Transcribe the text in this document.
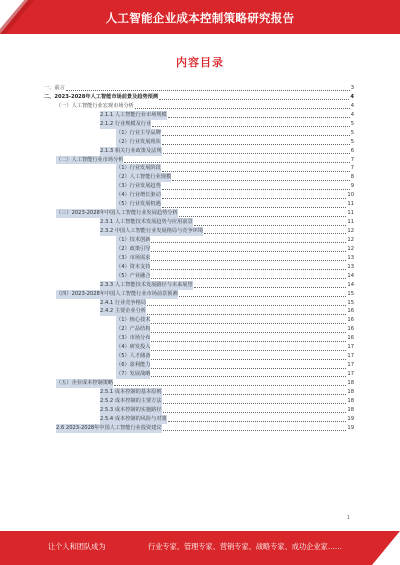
人工智能企业成本控制策略研究报告
内容目录
一、前言	3
二、2023-2028年人工智能市场前景及趋势预测	4
（一）人工智能行业宏观市场分析	4
2.1.1 人工智能行业市场规模	4
2.1.2 行业规模及行业	5
（1）行业主导品牌	5
（2）行业发展现状	5
2.1.3 相关行业政策及法规	6
（二）人工智能行业市场分析	7
（1）行业发展阶段	7
（2）人工智能行业规模	8
（3）行业发展趋势	9
（4）行业增长驱动	10
（5）行业发展机遇	11
（三）2023-2028年中国人工智能行业发展趋势分析	11
2.3.1 人工智能技术发展趋势与应用前景	11
2.3.2 中国人工智能行业发展格局与竞争环境	12
（1）技术创新	12
（2）政策引导	12
（3）市场需求	13
（4）资本支持	13
（5）产业融合	14
2.3.3 人工智能技术发展路径与未来展望	14
（四）2023-2028年中国人工智能行业市场前景预测	15
2.4.1 行业竞争格局	15
2.4.2 主要企业分析	16
（1）核心技术	16
（2）产品结构	16
（3）市场分布	16
（4）研发投入	17
（5）人才储备	17
（6）盈利能力	17
（7）发展战略	17
（五）企业成本控制策略	18
2.5.1 成本控制的基本原则	18
2.5.2 成本控制的主要方法	18
2.5.3 成本控制的实施路径	18
2.5.4 成本控制的风险与对策	19
2.6 2023-2028年中国人工智能行业投资建议	19
1
让个人和团队成为	行业专家、管理专家、营销专家、战略专家、成功企业家……
